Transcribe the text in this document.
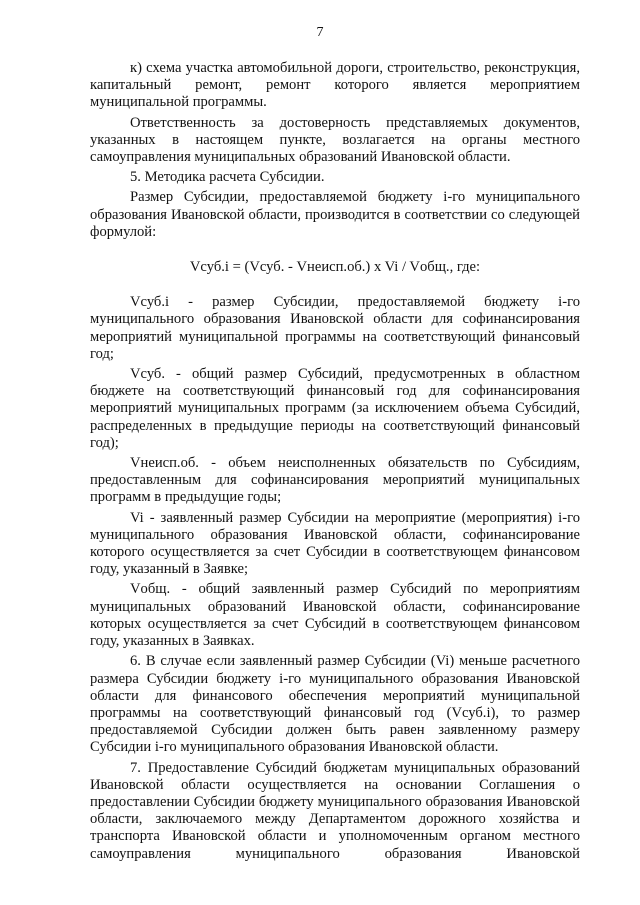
7

к) схема участка автомобильной дороги, строительство, реконструкция, капитальный ремонт, ремонт которого является мероприятием муниципальной программы.

Ответственность за достоверность представляемых документов, указанных в настоящем пункте, возлагается на органы местного самоуправления муниципальных образований Ивановской области.

5. Методика расчета Субсидии.

Размер Субсидии, предоставляемой бюджету i-го муниципального образования Ивановской области, производится в соответствии со следующей формулой:

Vсуб.i = (Vсуб. - Vнеисп.об.) x Vi / Vобщ., где:

Vсуб.i - размер Субсидии, предоставляемой бюджету i-го муниципального образования Ивановской области для софинансирования мероприятий муниципальной программы на соответствующий финансовый год;

Vсуб. - общий размер Субсидий, предусмотренных в областном бюджете на соответствующий финансовый год для софинансирования мероприятий муниципальных программ (за исключением объема Субсидий, распределенных в предыдущие периоды на соответствующий финансовый год);

Vнеисп.об. - объем неисполненных обязательств по Субсидиям, предоставленным для софинансирования мероприятий муниципальных программ в предыдущие годы;

Vi - заявленный размер Субсидии на мероприятие (мероприятия) i-го муниципального образования Ивановской области, софинансирование которого осуществляется за счет Субсидии в соответствующем финансовом году, указанный в Заявке;

Vобщ. - общий заявленный размер Субсидий по мероприятиям муниципальных образований Ивановской области, софинансирование которых осуществляется за счет Субсидий в соответствующем финансовом году, указанных в Заявках.

6. В случае если заявленный размер Субсидии (Vi) меньше расчетного размера Субсидии бюджету i-го муниципального образования Ивановской области для финансового обеспечения мероприятий муниципальной программы на соответствующий финансовый год (Vсуб.i), то размер предоставляемой Субсидии должен быть равен заявленному размеру Субсидии i-го муниципального образования Ивановской области.

7. Предоставление Субсидий бюджетам муниципальных образований Ивановской области осуществляется на основании Соглашения о предоставлении Субсидии бюджету муниципального образования Ивановской области, заключаемого между Департаментом дорожного хозяйства и транспорта Ивановской области и уполномоченным органом местного самоуправления муниципального образования Ивановской
